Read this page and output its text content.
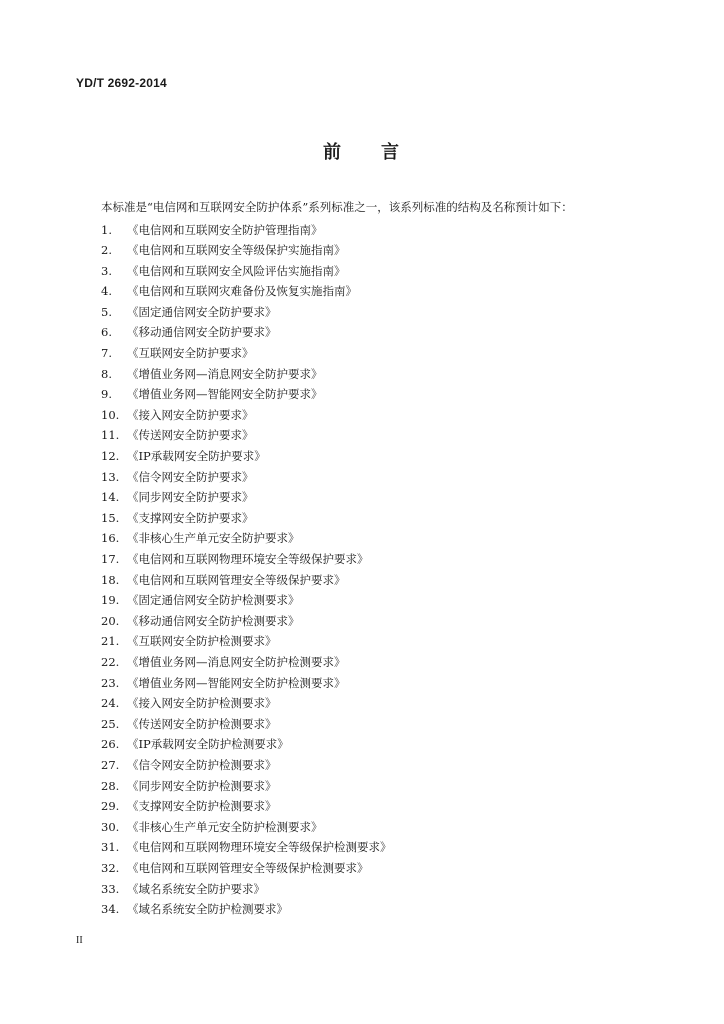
YD/T 2692-2014
前 言
本标准是“电信网和互联网安全防护体系”系列标准之一，该系列标准的结构及名称预计如下：
1. 《电信网和互联网安全防护管理指南》
2. 《电信网和互联网安全等级保护实施指南》
3. 《电信网和互联网安全风险评估实施指南》
4. 《电信网和互联网灾难备份及恢复实施指南》
5. 《固定通信网安全防护要求》
6. 《移动通信网安全防护要求》
7. 《互联网安全防护要求》
8. 《增值业务网—消息网安全防护要求》
9. 《增值业务网—智能网安全防护要求》
10. 《接入网安全防护要求》
11. 《传送网安全防护要求》
12. 《IP承载网安全防护要求》
13. 《信令网安全防护要求》
14. 《同步网安全防护要求》
15. 《支撑网安全防护要求》
16. 《非核心生产单元安全防护要求》
17. 《电信网和互联网物理环境安全等级保护要求》
18. 《电信网和互联网管理安全等级保护要求》
19. 《固定通信网安全防护检测要求》
20. 《移动通信网安全防护检测要求》
21. 《互联网安全防护检测要求》
22. 《增值业务网—消息网安全防护检测要求》
23. 《增值业务网—智能网安全防护检测要求》
24. 《接入网安全防护检测要求》
25. 《传送网安全防护检测要求》
26. 《IP承载网安全防护检测要求》
27. 《信令网安全防护检测要求》
28. 《同步网安全防护检测要求》
29. 《支撑网安全防护检测要求》
30. 《非核心生产单元安全防护检测要求》
31. 《电信网和互联网物理环境安全等级保护检测要求》
32. 《电信网和互联网管理安全等级保护检测要求》
33. 《域名系统安全防护要求》
34. 《域名系统安全防护检测要求》
II
